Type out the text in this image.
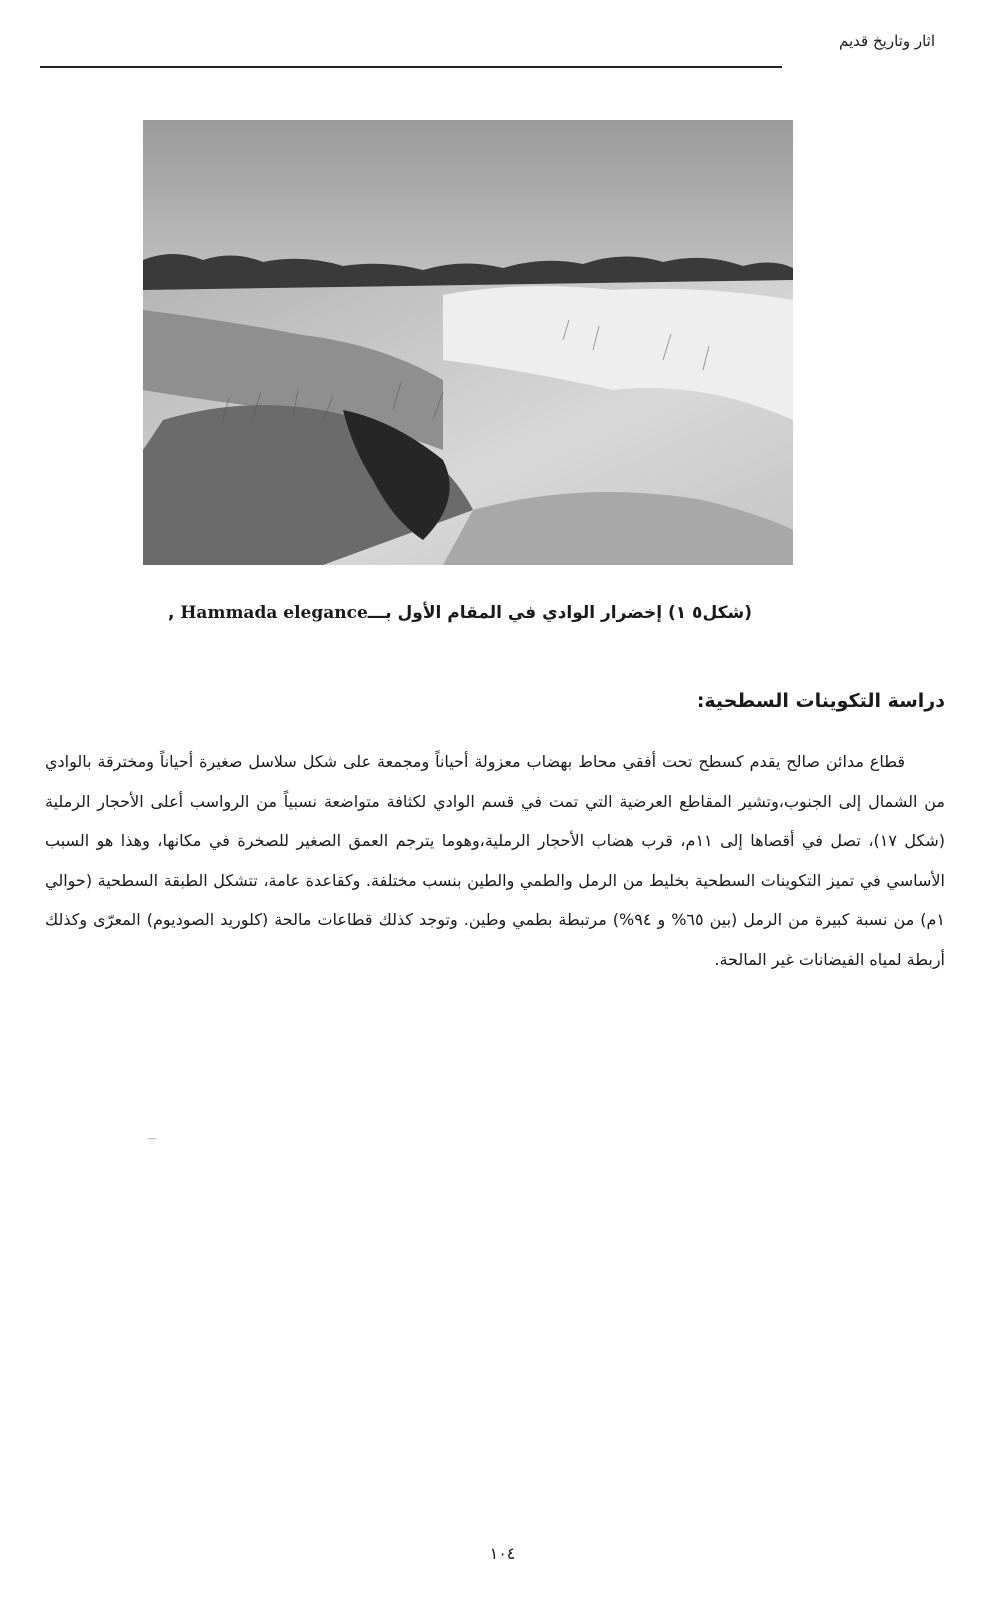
اثار وتاريخ قديم
(شكل٥ ١) إخضرار الوادي في المقام الأول بـــHammada elegance ,
دراسة التكوينات السطحية:

قطاع مدائن صالح يقدم كسطح تحت أفقي محاط بهضاب معزولة أحياناً ومجمعة على شكل سلاسل صغيرة أحياناً ومخترقة بالوادي من الشمال إلى الجنوب،وتشير المقاطع العرضية التي تمت في قسم الوادي لكثافة متواضعة نسبياً من الرواسب أعلى الأحجار الرملية (شكل ١٧)، تصل في أقصاها إلى ١١م، قرب هضاب الأحجار الرملية،وهوما يترجم العمق الصغير للصخرة في مكانها، وهذا هو السبب الأساسي في تميز التكوينات السطحية بخليط من الرمل والطمي والطين بنسب مختلفة. وكقاعدة عامة، تتشكل الطبقة السطحية (حوالي ١م) من نسبة كبيرة من الرمل (بين ٦٥% و ٩٤%) مرتبطة بطمي وطين. وتوجد كذلك قطاعات مالحة (كلوريد الصوديوم) المعرّى وكذلك أربطة لمياه الفيضانات غير المالحة.

١٠٤
